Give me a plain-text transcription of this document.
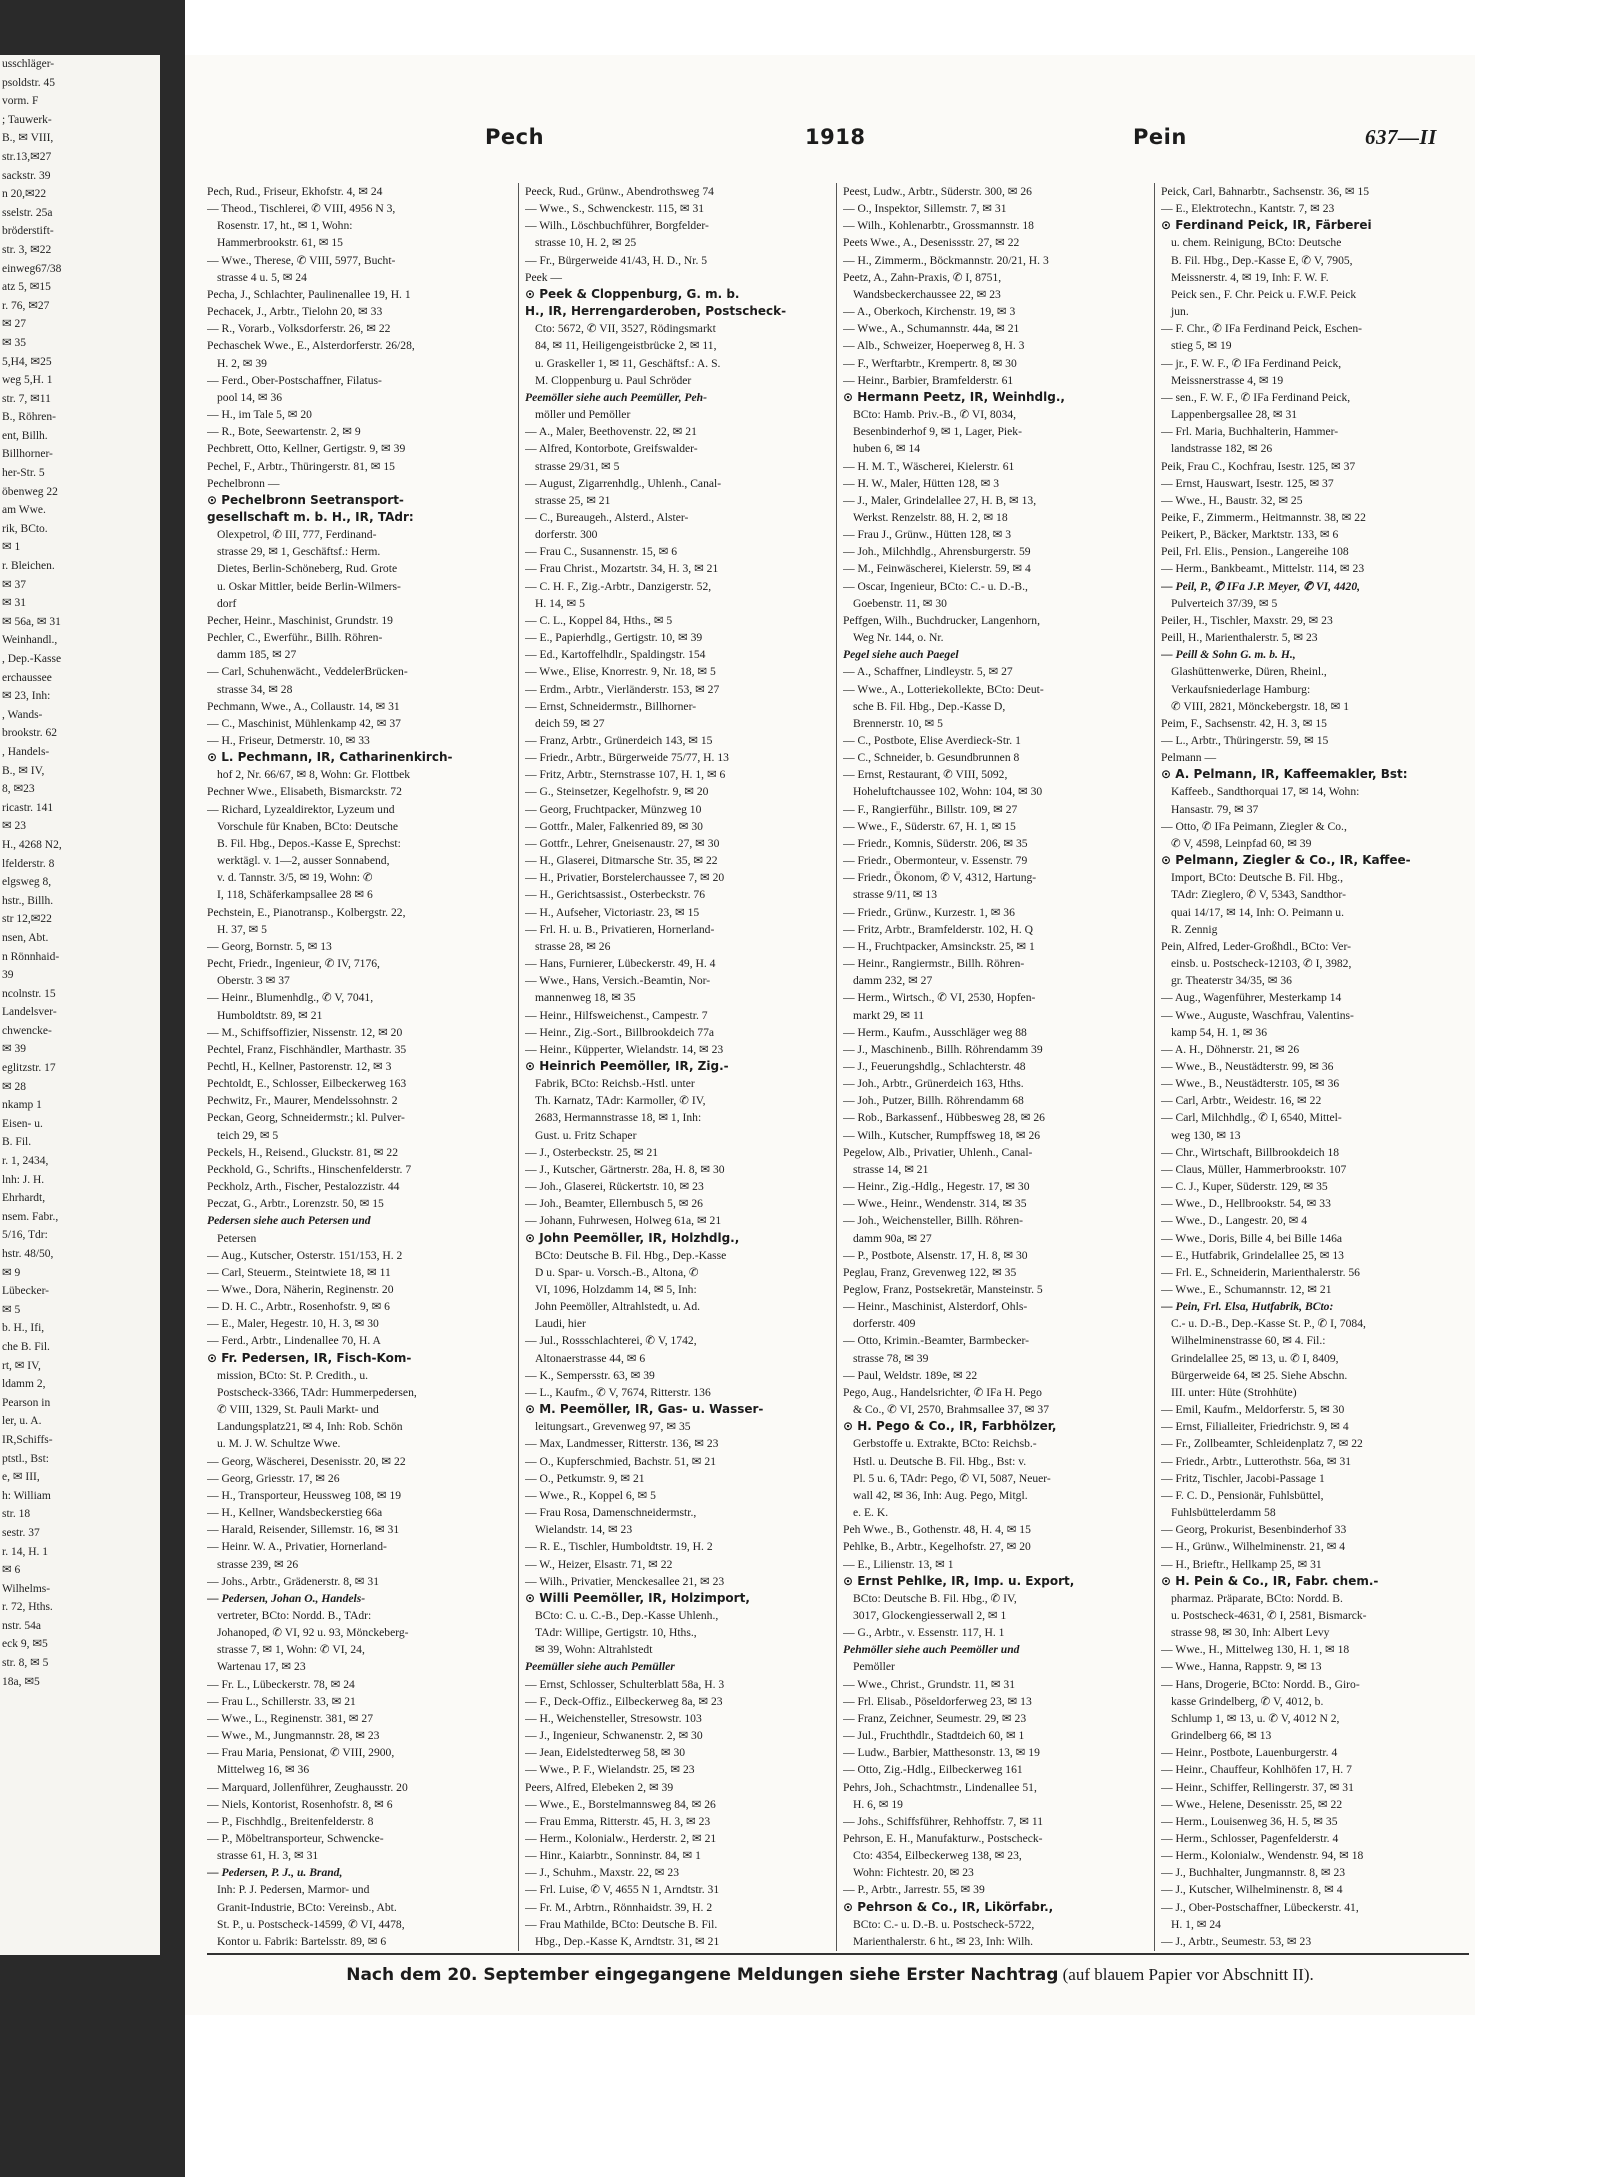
usschläger-
psoldstr. 45
vorm. F
; Tauwerk-
B., ✉ VIII,
str.13,✉27
sackstr. 39
n 20,✉22
sselstr. 25a
bröderstift-
str. 3, ✉22
einweg67/38
atz 5, ✉15
r. 76, ✉27
✉ 27
✉ 35
5,H4, ✉25
weg 5,H. 1
str. 7, ✉11
B., Röhren-
ent, Billh.
Billhorner-
her-Str. 5
öbenweg 22
am Wwe.
rik, BCto.
✉ 1
r. Bleichen.
✉ 37
✉ 31
✉ 56a, ✉ 31
Weinhandl.,
, Dep.-Kasse
erchaussee
✉ 23, Inh:
, Wands-
brookstr. 62
, Handels-
B., ✉ IV,
8, ✉23
ricastr. 141
✉ 23
H., 4268 N2,
lfelderstr. 8
elgsweg 8,
hstr., Billh.
str 12,✉22
nsen, Abt.
n Rönnhaid-
39
ncolnstr. 15
Landelsver-
chwencke-
✉ 39
eglitzstr. 17
✉ 28
nkamp 1
Eisen- u.
B. Fil.
r. 1, 2434,
lnh: J. H.
Ehrhardt,
nsem. Fabr.,
5/16, Tdr:
hstr. 48/50,
✉ 9
Lübecker-
✉ 5
b. H., Ifi,
che B. Fil.
rt, ✉ IV,
ldamm 2,
Pearson in
ler, u. A.
IR,Schiffs-
ptstl., Bst:
e, ✉ III,
h: William
str. 18
sestr. 37
r. 14, H. 1
✉ 6
Wilhelms-
r. 72, Hths.
nstr. 54a
eck 9, ✉5
str. 8, ✉ 5
18a, ✉5
Pech	1918	Pein	637—II
Pech, Rud., Friseur, Ekhofstr. 4, ✉ 24
— Theod., Tischlerei, ✆ VIII, 4956 N 3,
Rosenstr. 17, ht., ✉ 1, Wohn:
Hammerbrookstr. 61, ✉ 15
— Wwe., Therese, ✆ VIII, 5977, Bucht-
strasse 4 u. 5, ✉ 24
Pecha, J., Schlachter, Paulinenallee 19, H. 1
Pechacek, J., Arbtr., Tielohn 20, ✉ 33
— R., Vorarb., Volksdorferstr. 26, ✉ 22
Pechaschek Wwe., E., Alsterdorferstr. 26/28,
H. 2, ✉ 39
— Ferd., Ober-Postschaffner, Filatus-
pool 14, ✉ 36
— H., im Tale 5, ✉ 20
— R., Bote, Seewartenstr. 2, ✉ 9
Pechbrett, Otto, Kellner, Gertigstr. 9, ✉ 39
Pechel, F., Arbtr., Thüringerstr. 81, ✉ 15
Pechelbronn —
⊙ Pechelbronn Seetransport-
gesellschaft m. b. H., IR, TAdr:
Olexpetrol, ✆ III, 777, Ferdinand-
strasse 29, ✉ 1, Geschäftsf.: Herm.
Dietes, Berlin-Schöneberg, Rud. Grote
u. Oskar Mittler, beide Berlin-Wilmers-
dorf
Pecher, Heinr., Maschinist, Grundstr. 19
Pechler, C., Ewerführ., Billh. Röhren-
damm 185, ✉ 27
— Carl, Schuhenwächt., VeddelerBrücken-
strasse 34, ✉ 28
Pechmann, Wwe., A., Collaustr. 14, ✉ 31
— C., Maschinist, Mühlenkamp 42, ✉ 37
— H., Friseur, Detmerstr. 10, ✉ 33
⊙ L. Pechmann, IR, Catharinenkirch-
hof 2, Nr. 66/67, ✉ 8, Wohn: Gr. Flottbek
Pechner Wwe., Elisabeth, Bismarckstr. 72
— Richard, Lyzealdirektor, Lyzeum und
Vorschule für Knaben, BCto: Deutsche
B. Fil. Hbg., Depos.-Kasse E, Sprechst:
werktägl. v. 1—2, ausser Sonnabend,
v. d. Tannstr. 3/5, ✉ 19, Wohn: ✆
I, 118, Schäferkampsallee 28 ✉ 6
Pechstein, E., Pianotransp., Kolbergstr. 22,
H. 37, ✉ 5
— Georg, Bornstr. 5, ✉ 13
Pecht, Friedr., Ingenieur, ✆ IV, 7176,
Oberstr. 3 ✉ 37
— Heinr., Blumenhdlg., ✆ V, 7041,
Humboldtstr. 89, ✉ 21
— M., Schiffsoffizier, Nissenstr. 12, ✉ 20
Pechtel, Franz, Fischhändler, Marthastr. 35
Pechtl, H., Kellner, Pastorenstr. 12, ✉ 3
Pechtoldt, E., Schlosser, Eilbeckerweg 163
Pechwitz, Fr., Maurer, Mendelssohnstr. 2
Peckan, Georg, Schneidermstr.; kl. Pulver-
teich 29, ✉ 5
Peckels, H., Reisend., Gluckstr. 81, ✉ 22
Peckhold, G., Schrifts., Hinschenfelderstr. 7
Peckholz, Arth., Fischer, Pestalozzistr. 44
Peczat, G., Arbtr., Lorenzstr. 50, ✉ 15
Pedersen siehe auch Petersen und
Petersen
— Aug., Kutscher, Osterstr. 151/153, H. 2
— Carl, Steuerm., Steintwiete 18, ✉ 11
— Wwe., Dora, Näherin, Reginenstr. 20
— D. H. C., Arbtr., Rosenhofstr. 9, ✉ 6
— E., Maler, Hegestr. 10, H. 3, ✉ 30
— Ferd., Arbtr., Lindenallee 70, H. A
⊙ Fr. Pedersen, IR, Fisch-Kom-
mission, BCto: St. P. Credith., u.
Postscheck-3366, TAdr: Hummerpedersen,
✆ VIII, 1329, St. Pauli Markt- und
Landungsplatz21, ✉ 4, Inh: Rob. Schön
u. M. J. W. Schultze Wwe.
— Georg, Wäscherei, Desenisstr. 20, ✉ 22
— Georg, Griesstr. 17, ✉ 26
— H., Transporteur, Heussweg 108, ✉ 19
— H., Kellner, Wandsbeckerstieg 66a
— Harald, Reisender, Sillemstr. 16, ✉ 31
— Heinr. W. A., Privatier, Hornerland-
strasse 239, ✉ 26
— Johs., Arbtr., Grädenerstr. 8, ✉ 31
— Pedersen, Johan O., Handels-
vertreter, BCto: Nordd. B., TAdr:
Johanoped, ✆ VI, 92 u. 93, Mönckeberg-
strasse 7, ✉ 1, Wohn: ✆ VI, 24,
Wartenau 17, ✉ 23
— Fr. L., Lübeckerstr. 78, ✉ 24
— Frau L., Schillerstr. 33, ✉ 21
— Wwe., L., Reginenstr. 381, ✉ 27
— Wwe., M., Jungmannstr. 28, ✉ 23
— Frau Maria, Pensionat, ✆ VIII, 2900,
Mittelweg 16, ✉ 36
— Marquard, Jollenführer, Zeughausstr. 20
— Niels, Kontorist, Rosenhofstr. 8, ✉ 6
— P., Fischhdlg., Breitenfelderstr. 8
— P., Möbeltransporteur, Schwencke-
strasse 61, H. 3, ✉ 31
— Pedersen, P. J., u. Brand,
Inh: P. J. Pedersen, Marmor- und
Granit-Industrie, BCto: Vereinsb., Abt.
St. P., u. Postscheck-14599, ✆ VI, 4478,
Kontor u. Fabrik: Bartelsstr. 89, ✉ 6
Peeck, Rud., Grünw., Abendrothsweg 74
— Wwe., S., Schwenckestr. 115, ✉ 31
— Wilh., Löschbuchführer, Borgfelder-
strasse 10, H. 2, ✉ 25
— Fr., Bürgerweide 41/43, H. D., Nr. 5
Peek —
⊙ Peek & Cloppenburg, G. m. b.
H., IR, Herrengarderoben, Postscheck-
Cto: 5672, ✆ VII, 3527, Rödingsmarkt
84, ✉ 11, Heiligengeistbrücke 2, ✉ 11,
u. Graskeller 1, ✉ 11, Geschäftsf.: A. S.
M. Cloppenburg u. Paul Schröder
Peemöller siehe auch Peemüller, Peh-
möller und Pemöller
— A., Maler, Beethovenstr. 22, ✉ 21
— Alfred, Kontorbote, Greifswalder-
strasse 29/31, ✉ 5
— August, Zigarrenhdlg., Uhlenh., Canal-
strasse 25, ✉ 21
— C., Bureaugeh., Alsterd., Alster-
dorferstr. 300
— Frau C., Susannenstr. 15, ✉ 6
— Frau Christ., Mozartstr. 34, H. 3, ✉ 21
— C. H. F., Zig.-Arbtr., Danzigerstr. 52,
H. 14, ✉ 5
— C. L., Koppel 84, Hths., ✉ 5
— E., Papierhdlg., Gertigstr. 10, ✉ 39
— Ed., Kartoffelhdlr., Spaldingstr. 154
— Wwe., Elise, Knorrestr. 9, Nr. 18, ✉ 5
— Erdm., Arbtr., Vierländerstr. 153, ✉ 27
— Ernst, Schneidermstr., Billhorner-
deich 59, ✉ 27
— Franz, Arbtr., Grünerdeich 143, ✉ 15
— Friedr., Arbtr., Bürgerweide 75/77, H. 13
— Fritz, Arbtr., Sternstrasse 107, H. 1, ✉ 6
— G., Steinsetzer, Kegelhofstr. 9, ✉ 20
— Georg, Fruchtpacker, Münzweg 10
— Gottfr., Maler, Falkenried 89, ✉ 30
— Gottfr., Lehrer, Gneisenaustr. 27, ✉ 30
— H., Glaserei, Ditmarsche Str. 35, ✉ 22
— H., Privatier, Borstelerchaussee 7, ✉ 20
— H., Gerichtsassist., Osterbeckstr. 76
— H., Aufseher, Victoriastr. 23, ✉ 15
— Frl. H. u. B., Privatieren, Hornerland-
strasse 28, ✉ 26
— Hans, Furnierer, Lübeckerstr. 49, H. 4
— Wwe., Hans, Versich.-Beamtin, Nor-
mannenweg 18, ✉ 35
— Heinr., Hilfsweichenst., Campestr. 7
— Heinr., Zig.-Sort., Billbrookdeich 77a
— Heinr., Küpperter, Wielandstr. 14, ✉ 23
⊙ Heinrich Peemöller, IR, Zig.-
Fabrik, BCto: Reichsb.-Hstl. unter
Th. Karnatz, TAdr: Karmoller, ✆ IV,
2683, Hermannstrasse 18, ✉ 1, Inh:
Gust. u. Fritz Schaper
— J., Osterbeckstr. 25, ✉ 21
— J., Kutscher, Gärtnerstr. 28a, H. 8, ✉ 30
— Joh., Glaserei, Rückertstr. 10, ✉ 23
— Joh., Beamter, Ellernbusch 5, ✉ 26
— Johann, Fuhrwesen, Holweg 61a, ✉ 21
⊙ John Peemöller, IR, Holzhdlg.,
BCto: Deutsche B. Fil. Hbg., Dep.-Kasse
D u. Spar- u. Vorsch.-B., Altona, ✆
VI, 1096, Holzdamm 14, ✉ 5, Inh:
John Peemöller, Altrahlstedt, u. Ad.
Laudi, hier
— Jul., Rossschlachterei, ✆ V, 1742,
Altonaerstrasse 44, ✉ 6
— K., Sempersstr. 63, ✉ 39
— L., Kaufm., ✆ V, 7674, Ritterstr. 136
⊙ M. Peemöller, IR, Gas- u. Wasser-
leitungsart., Grevenweg 97, ✉ 35
— Max, Landmesser, Ritterstr. 136, ✉ 23
— O., Kupferschmied, Bachstr. 51, ✉ 21
— O., Petkumstr. 9, ✉ 21
— Wwe., R., Koppel 6, ✉ 5
— Frau Rosa, Damenschneidermstr.,
Wielandstr. 14, ✉ 23
— R. E., Tischler, Humboldtstr. 19, H. 2
— W., Heizer, Elsastr. 71, ✉ 22
— Wilh., Privatier, Menckesallee 21, ✉ 23
⊙ Willi Peemöller, IR, Holzimport,
BCto: C. u. C.-B., Dep.-Kasse Uhlenh.,
TAdr: Willipe, Gertigstr. 10, Hths.,
✉ 39, Wohn: Altrahlstedt
Peemüller siehe auch Pemüller
— Ernst, Schlosser, Schulterblatt 58a, H. 3
— F., Deck-Offiz., Eilbeckerweg 8a, ✉ 23
— H., Weichensteller, Stresowstr. 103
— J., Ingenieur, Schwanenstr. 2, ✉ 30
— Jean, Eidelstedterweg 58, ✉ 30
— Wwe., P. F., Wielandstr. 25, ✉ 23
Peers, Alfred, Elebeken 2, ✉ 39
— Wwe., E., Borstelmannsweg 84, ✉ 26
— Frau Emma, Ritterstr. 45, H. 3, ✉ 23
— Herm., Kolonialw., Herderstr. 2, ✉ 21
— Hinr., Kaiarbtr., Sonninstr. 84, ✉ 1
— J., Schuhm., Maxstr. 22, ✉ 23
— Frl. Luise, ✆ V, 4655 N 1, Arndtstr. 31
— Fr. M., Arbtrn., Rönnhaidstr. 39, H. 2
— Frau Mathilde, BCto: Deutsche B. Fil.
Hbg., Dep.-Kasse K, Arndtstr. 31, ✉ 21
Peest, Ludw., Arbtr., Süderstr. 300, ✉ 26
— O., Inspektor, Sillemstr. 7, ✉ 31
— Wilh., Kohlenarbtr., Grossmannstr. 18
Peets Wwe., A., Desenissstr. 27, ✉ 22
— H., Zimmerm., Böckmannstr. 20/21, H. 3
Peetz, A., Zahn-Praxis, ✆ I, 8751,
Wandsbeckerchaussee 22, ✉ 23
— A., Oberkoch, Kirchenstr. 19, ✉ 3
— Wwe., A., Schumannstr. 44a, ✉ 21
— Alb., Schweizer, Hoeperweg 8, H. 3
— F., Werftarbtr., Krempertr. 8, ✉ 30
— Heinr., Barbier, Bramfelderstr. 61
⊙ Hermann Peetz, IR, Weinhdlg.,
BCto: Hamb. Priv.-B., ✆ VI, 8034,
Besenbinderhof 9, ✉ 1, Lager, Piek-
huben 6, ✉ 14
— H. M. T., Wäscherei, Kielerstr. 61
— H. W., Maler, Hütten 128, ✉ 3
— J., Maler, Grindelallee 27, H. B, ✉ 13,
Werkst. Renzelstr. 88, H. 2, ✉ 18
— Frau J., Grünw., Hütten 128, ✉ 3
— Joh., Milchhdlg., Ahrensburgerstr. 59
— M., Feinwäscherei, Kielerstr. 59, ✉ 4
— Oscar, Ingenieur, BCto: C.- u. D.-B.,
Goebenstr. 11, ✉ 30
Peffgen, Wilh., Buchdrucker, Langenhorn,
Weg Nr. 144, o. Nr.
Pegel siehe auch Paegel
— A., Schaffner, Lindleystr. 5, ✉ 27
— Wwe., A., Lotteriekollekte, BCto: Deut-
sche B. Fil. Hbg., Dep.-Kasse D,
Brennerstr. 10, ✉ 5
— C., Postbote, Elise Averdieck-Str. 1
— C., Schneider, b. Gesundbrunnen 8
— Ernst, Restaurant, ✆ VIII, 5092,
Hoheluftchaussee 102, Wohn: 104, ✉ 30
— F., Rangierführ., Billstr. 109, ✉ 27
— Wwe., F., Süderstr. 67, H. 1, ✉ 15
— Friedr., Komnis, Süderstr. 206, ✉ 35
— Friedr., Obermonteur, v. Essenstr. 79
— Friedr., Ökonom, ✆ V, 4312, Hartung-
strasse 9/11, ✉ 13
— Friedr., Grünw., Kurzestr. 1, ✉ 36
— Fritz, Arbtr., Bramfelderstr. 102, H. Q
— H., Fruchtpacker, Amsinckstr. 25, ✉ 1
— Heinr., Rangiermstr., Billh. Röhren-
damm 232, ✉ 27
— Herm., Wirtsch., ✆ VI, 2530, Hopfen-
markt 29, ✉ 11
— Herm., Kaufm., Ausschläger weg 88
— J., Maschinenb., Billh. Röhrendamm 39
— J., Feuerungshdlg., Schlachterstr. 48
— Joh., Arbtr., Grünerdeich 163, Hths.
— Joh., Putzer, Billh. Röhrendamm 68
— Rob., Barkassenf., Hübbesweg 28, ✉ 26
— Wilh., Kutscher, Rumpffsweg 18, ✉ 26
Pegelow, Alb., Privatier, Uhlenh., Canal-
strasse 14, ✉ 21
— Heinr., Zig.-Hdlg., Hegestr. 17, ✉ 30
— Wwe., Heinr., Wendenstr. 314, ✉ 35
— Joh., Weichensteller, Billh. Röhren-
damm 90a, ✉ 27
— P., Postbote, Alsenstr. 17, H. 8, ✉ 30
Peglau, Franz, Grevenweg 122, ✉ 35
Peglow, Franz, Postsekretär, Mansteinstr. 5
— Heinr., Maschinist, Alsterdorf, Ohls-
dorferstr. 409
— Otto, Krimin.-Beamter, Barmbecker-
strasse 78, ✉ 39
— Paul, Weldstr. 189e, ✉ 22
Pego, Aug., Handelsrichter, ✆ IFa H. Pego
& Co., ✆ VI, 2570, Brahmsallee 37, ✉ 37
⊙ H. Pego & Co., IR, Farbhölzer,
Gerbstoffe u. Extrakte, BCto: Reichsb.-
Hstl. u. Deutsche B. Fil. Hbg., Bst: v.
Pl. 5 u. 6, TAdr: Pego, ✆ VI, 5087, Neuer-
wall 42, ✉ 36, Inh: Aug. Pego, Mitgl.
e. E. K.
Peh Wwe., B., Gothenstr. 48, H. 4, ✉ 15
Pehlke, B., Arbtr., Kegelhofstr. 27, ✉ 20
— E., Lilienstr. 13, ✉ 1
⊙ Ernst Pehlke, IR, Imp. u. Export,
BCto: Deutsche B. Fil. Hbg., ✆ IV,
3017, Glockengiesserwall 2, ✉ 1
— G., Arbtr., v. Essenstr. 117, H. 1
Pehmöller siehe auch Peemöller und
Pemöller
— Wwe., Christ., Grundstr. 11, ✉ 31
— Frl. Elisab., Pöseldorferweg 23, ✉ 13
— Franz, Zeichner, Seumestr. 29, ✉ 23
— Jul., Fruchthdlr., Stadtdeich 60, ✉ 1
— Ludw., Barbier, Matthesonstr. 13, ✉ 19
— Otto, Zig.-Hdlg., Eilbeckerweg 161
Pehrs, Joh., Schachtmstr., Lindenallee 51,
H. 6, ✉ 19
— Johs., Schiffsführer, Rehhoffstr. 7, ✉ 11
Pehrson, E. H., Manufakturw., Postscheck-
Cto: 4354, Eilbeckerweg 138, ✉ 23,
Wohn: Fichtestr. 20, ✉ 23
— P., Arbtr., Jarrestr. 55, ✉ 39
⊙ Pehrson & Co., IR, Likörfabr.,
BCto: C.- u. D.-B. u. Postscheck-5722,
Marienthalerstr. 6 ht., ✉ 23, Inh: Wilh.
Peick, Carl, Bahnarbtr., Sachsenstr. 36, ✉ 15
— E., Elektrotechn., Kantstr. 7, ✉ 23
⊙ Ferdinand Peick, IR, Färberei
u. chem. Reinigung, BCto: Deutsche
B. Fil. Hbg., Dep.-Kasse E, ✆ V, 7905,
Meissnerstr. 4, ✉ 19, Inh: F. W. F.
Peick sen., F. Chr. Peick u. F.W.F. Peick
jun.
— F. Chr., ✆ IFa Ferdinand Peick, Eschen-
stieg 5, ✉ 19
— jr., F. W. F., ✆ IFa Ferdinand Peick,
Meissnerstrasse 4, ✉ 19
— sen., F. W. F., ✆ IFa Ferdinand Peick,
Lappenbergsallee 28, ✉ 31
— Frl. Maria, Buchhalterin, Hammer-
landstrasse 182, ✉ 26
Peik, Frau C., Kochfrau, Isestr. 125, ✉ 37
— Ernst, Hauswart, Isestr. 125, ✉ 37
— Wwe., H., Baustr. 32, ✉ 25
Peike, F., Zimmerm., Heitmannstr. 38, ✉ 22
Peikert, P., Bäcker, Marktstr. 133, ✉ 6
Peil, Frl. Elis., Pension., Langereihe 108
— Herm., Bankbeamt., Mittelstr. 114, ✉ 23
— Peil, P., ✆ IFa J.P. Meyer, ✆ VI, 4420,
Pulverteich 37/39, ✉ 5
Peiler, H., Tischler, Maxstr. 29, ✉ 23
Peill, H., Marienthalerstr. 5, ✉ 23
— Peill & Sohn G. m. b. H.,
Glashüttenwerke, Düren, Rheinl.,
Verkaufsniederlage Hamburg:
✆ VIII, 2821, Mönckebergstr. 18, ✉ 1
Peim, F., Sachsenstr. 42, H. 3, ✉ 15
— L., Arbtr., Thüringerstr. 59, ✉ 15
Pelmann —
⊙ A. Pelmann, IR, Kaffeemakler, Bst:
Kaffeeb., Sandthorquai 17, ✉ 14, Wohn:
Hansastr. 79, ✉ 37
— Otto, ✆ IFa Peimann, Ziegler & Co.,
✆ V, 4598, Leinpfad 60, ✉ 39
⊙ Pelmann, Ziegler & Co., IR, Kaffee-
Import, BCto: Deutsche B. Fil. Hbg.,
TAdr: Zieglero, ✆ V, 5343, Sandthor-
quai 14/17, ✉ 14, Inh: O. Peimann u.
R. Zennig
Pein, Alfred, Leder-Großhdl., BCto: Ver-
einsb. u. Postscheck-12103, ✆ I, 3982,
gr. Theaterstr 34/35, ✉ 36
— Aug., Wagenführer, Mesterkamp 14
— Wwe., Auguste, Waschfrau, Valentins-
kamp 54, H. 1, ✉ 36
— A. H., Döhnerstr. 21, ✉ 26
— Wwe., B., Neustädterstr. 99, ✉ 36
— Wwe., B., Neustädterstr. 105, ✉ 36
— Carl, Arbtr., Weidestr. 16, ✉ 22
— Carl, Milchhdlg., ✆ I, 6540, Mittel-
weg 130, ✉ 13
— Chr., Wirtschaft, Billbrookdeich 18
— Claus, Müller, Hammerbrookstr. 107
— C. J., Kuper, Süderstr. 129, ✉ 35
— Wwe., D., Hellbrookstr. 54, ✉ 33
— Wwe., D., Langestr. 20, ✉ 4
— Wwe., Doris, Bille 4, bei Bille 146a
— E., Hutfabrik, Grindelallee 25, ✉ 13
— Frl. E., Schneiderin, Marienthalerstr. 56
— Wwe., E., Schumannstr. 12, ✉ 21
— Pein, Frl. Elsa, Hutfabrik, BCto:
C.- u. D.-B., Dep.-Kasse St. P., ✆ I, 7084,
Wilhelminenstrasse 60, ✉ 4. Fil.:
Grindelallee 25, ✉ 13, u. ✆ I, 8409,
Bürgerweide 64, ✉ 25. Siehe Abschn.
III. unter: Hüte (Strohhüte)
— Emil, Kaufm., Meldorferstr. 5, ✉ 30
— Ernst, Filialleiter, Friedrichstr. 9, ✉ 4
— Fr., Zollbeamter, Schleidenplatz 7, ✉ 22
— Friedr., Arbtr., Lutterothstr. 56a, ✉ 31
— Fritz, Tischler, Jacobi-Passage 1
— F. C. D., Pensionär, Fuhlsbüttel,
Fuhlsbüttelerdamm 58
— Georg, Prokurist, Besenbinderhof 33
— H., Grünw., Wilhelminenstr. 21, ✉ 4
— H., Brieftr., Hellkamp 25, ✉ 31
⊙ H. Pein & Co., IR, Fabr. chem.-
pharmaz. Präparate, BCto: Nordd. B.
u. Postscheck-4631, ✆ I, 2581, Bismarck-
strasse 98, ✉ 30, Inh: Albert Levy
— Wwe., H., Mittelweg 130, H. 1, ✉ 18
— Wwe., Hanna, Rappstr. 9, ✉ 13
— Hans, Drogerie, BCto: Nordd. B., Giro-
kasse Grindelberg, ✆ V, 4012, b.
Schlump 1, ✉ 13, u. ✆ V, 4012 N 2,
Grindelberg 66, ✉ 13
— Heinr., Postbote, Lauenburgerstr. 4
— Heinr., Chauffeur, Kohlhöfen 17, H. 7
— Heinr., Schiffer, Rellingerstr. 37, ✉ 31
— Wwe., Helene, Desenisstr. 25, ✉ 22
— Herm., Louisenweg 36, H. 5, ✉ 35
— Herm., Schlosser, Pagenfelderstr. 4
— Herm., Kolonialw., Wendenstr. 94, ✉ 18
— J., Buchhalter, Jungmannstr. 8, ✉ 23
— J., Kutscher, Wilhelminenstr. 8, ✉ 4
— J., Ober-Postschaffner, Lübeckerstr. 41,
H. 1, ✉ 24
— J., Arbtr., Seumestr. 53, ✉ 23
Nach dem 20. September eingegangene Meldungen siehe Erster Nachtrag (auf blauem Papier vor Abschnitt II).
